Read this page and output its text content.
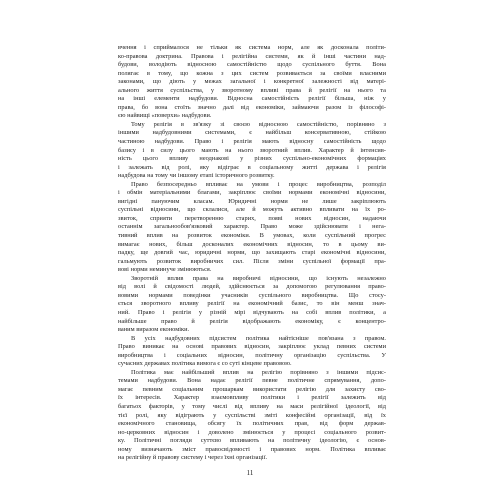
вчення і сприймалося не тільки як система норм, але як досконала політи-
ко-правова доктрина. Правова і релігійна системи, як й інші частини над-
будови, володіють відносною самостійністю щодо суспільного буття. Вона
полягає в тому, що кожна з цих систем розвивається за своїми власними
законами, що діють у межах загальної і конкретної залежності від матері-
ального життя суспільства, у зворотному впливі права й релігії на нього та
на інші елементи надбудови. Відносна самостійність релігії більша, ніж у
права, бо вона стоїть значно далі від економіки, займаючи разом із філософі-
єю найвищі «поверхи» надбудови.
Тому релігія в зв'язку зі своєю відносною самостійністю, порівняно з
іншими надбудовними системами, є найбільш консервативною, стійкою
частиною надбудови. Право і релігія мають відносну самостійність щодо
базису і в силу цього мають на нього зворотний вплив. Характер й інтенсив-
ність цього впливу неоднакові у різних суспільно-економічних формаціях
і залежать від ролі, яку відіграє в соціальному житті держава і релігія
надбудова на тому чи іншому етапі історичного розвитку.
Право безпосередньо впливає на умови і процес виробництва, розподіл
і обмін матеріальними благами, закріплює своїми нормами економічні відносини,
вигідні пануючим класам. Юридичні норми не лише закріплюють
суспільні відносини, що склалися, але й можуть активно впливати на їх ро-
звиток, сприяти перетворенню старих, появі нових відносин, надаючи
останнім загальнообов'язковий характер. Право може здійснювати і нега-
тивний вплив на розвиток економіки. В умовах, коли суспільний прогрес
вимагає нових, більш досконалих економічних відносин, то в цьому ви-
падку, ще довгий час, юридичні норми, що захищають старі економічні відносини,
гальмують розвиток виробничих сил. Після зміни суспільної формації пра-
вові норми неминуче змінюються.
Зворотній вплив права на виробничі відносини, що існують незалежно
від волі й свідомості людей, здійснюється за допомогою регулювання право-
вовими нормами поведінки учасників суспільного виробництва. Що стосу-
ється зворотного впливу релігії на економічний базис, то він менш знач-
ний. Право і релігія у різній мірі відчувають на собі вплив політики, а
найбільше право й релігія відображають економіку, є концентро-
ваним виразом економіки.
В усіх надбудовних підсистем політика найтісніше пов'язана з правом.
Право виникає на основі правових відносин, закріплює уклад певних системи
виробництва і соціальних відносин, політичну організацію суспільства. У
сучасних державах політика вимога є со суті кінцеве правовою.
Політика має найбільший вплив на релігію порівняно з іншими підсис-
темами надбудови. Вона надає релігії певне політичне спрямування, допо-
магає певним соціальним прошаркам використати релігію для захисту сво-
їх інтересів. Характер взаємовпливу політики і релігії залежить від
багатьох факторів, у тому числі від впливу на маси релігійної ідеології, від
тієї ролі, яку відіграють у суспільстві зміті конфесійні організації, від їх
економічного становища, обсягу їх політичних прав, від форм держав-
но-церковних відносин і доволено змінюється у процесі соціального розвит-
ку. Політичні погляди суттєво впливають на політичну ідеологію, є основ-
ному визначають зміст правосвідомості і правових норм. Політика впливає
на релігійну й правову систему і через їхні організації.
11
